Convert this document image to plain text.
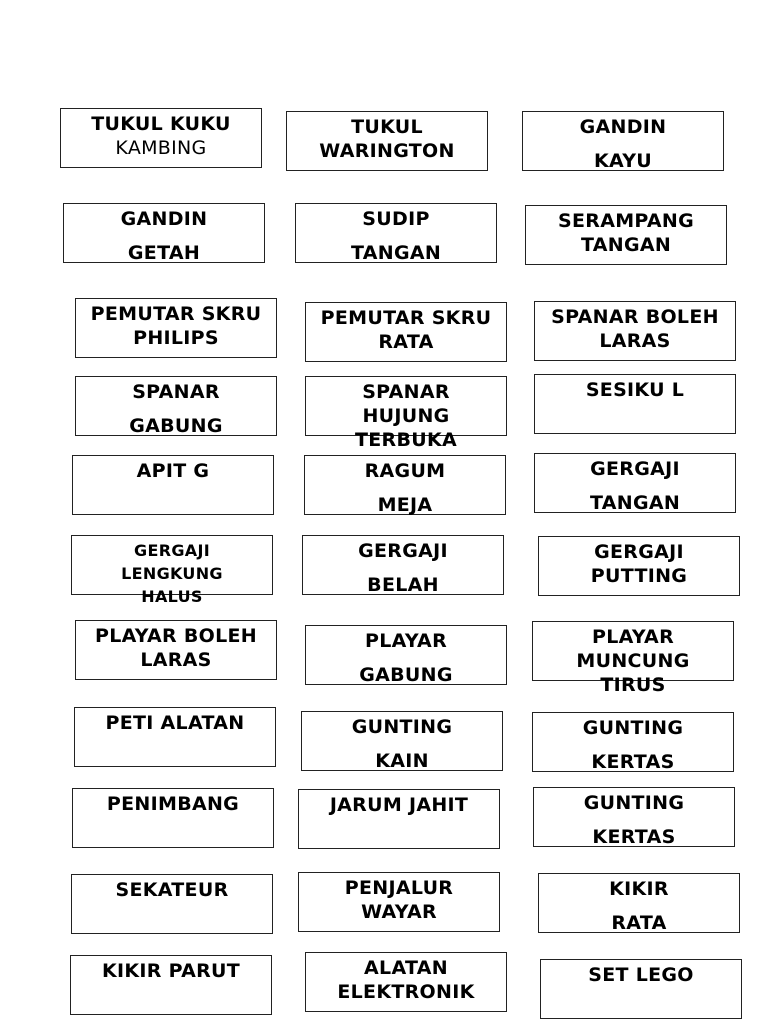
TUKUL KUKU
KAMBING
TUKUL
WARINGTON
GANDIN
KAYU
GANDIN
GETAH
SUDIP
TANGAN
SERAMPANG
TANGAN
PEMUTAR SKRU
PHILIPS
PEMUTAR SKRU
RATA
SPANAR BOLEH
LARAS
SPANAR
GABUNG
SPANAR
HUJUNG
TERBUKA
SESIKU L
APIT G	RAGUM
MEJA
GERGAJI
TANGAN
GERGAJI
LENGKUNG
HALUS
GERGAJI
BELAH
GERGAJI
PUTTING
PLAYAR BOLEH
LARAS
PLAYAR
GABUNG
PLAYAR
MUNCUNG
TIRUS
PETI ALATAN	GUNTING
KAIN
GUNTING
KERTAS
PENIMBANG	JARUM JAHIT	GUNTING
KERTAS
SEKATEUR	PENJALUR
WAYAR
KIKIR
RATA
KIKIR PARUT	ALATAN
ELEKTRONIK
SET LEGO
